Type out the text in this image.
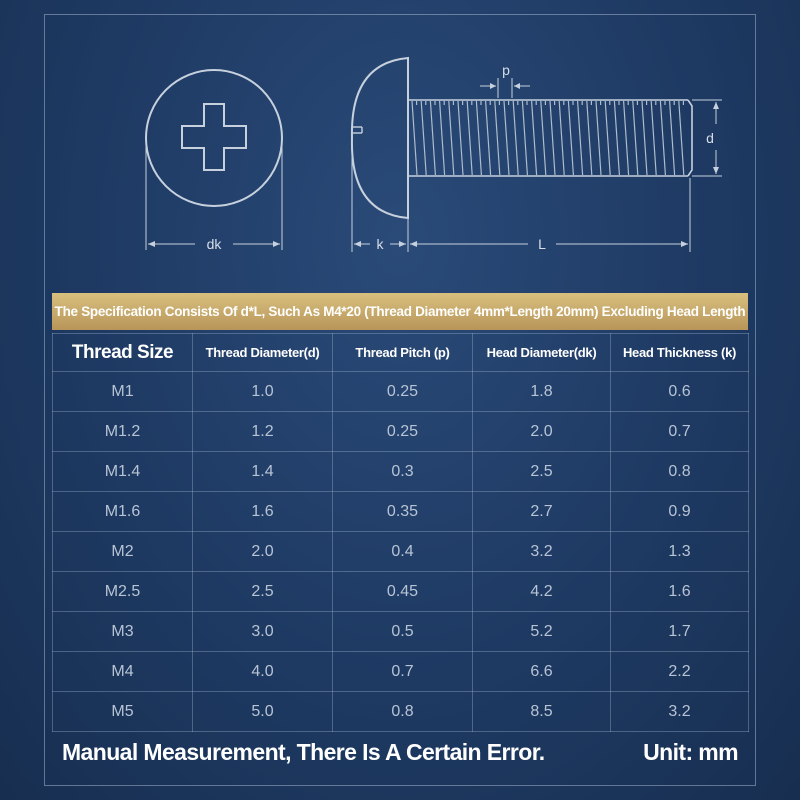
dk	k	L
p
d
The Specification Consists Of d*L, Such As M4*20 (Thread Diameter 4mm*Length 20mm) Excluding Head Length
Thread Size	Thread Diameter(d)	Thread Pitch (p)	Head Diameter(dk)	Head Thickness (k)
M1	1.0	0.25	1.8	0.6
M1.2	1.2	0.25	2.0	0.7
M1.4	1.4	0.3	2.5	0.8
M1.6	1.6	0.35	2.7	0.9
M2	2.0	0.4	3.2	1.3
M2.5	2.5	0.45	4.2	1.6
M3	3.0	0.5	5.2	1.7
M4	4.0	0.7	6.6	2.2
M5	5.0	0.8	8.5	3.2
Manual Measurement, There Is A Certain Error.	Unit: mm
